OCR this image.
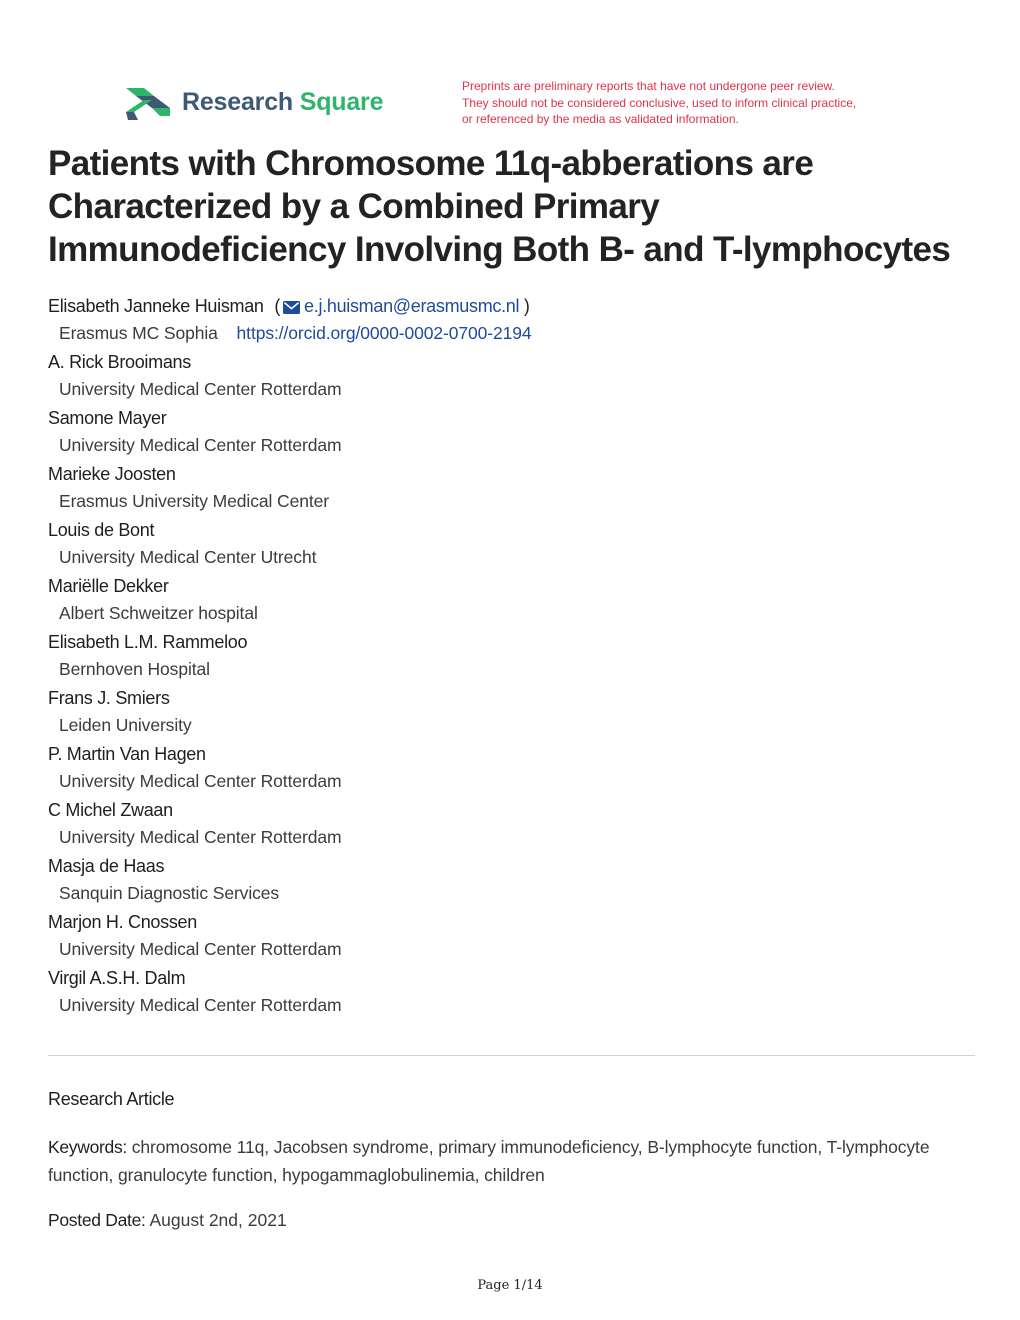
Research Square
Preprints are preliminary reports that have not undergone peer review.
They should not be considered conclusive, used to inform clinical practice,
or referenced by the media as validated information.
Patients with Chromosome 11q-abberations are
Characterized by a Combined Primary
Immunodeficiency Involving Both B- and T-lymphocytes
Elisabeth Janneke Huisman ( e.j.huisman@erasmusmc.nl )
Erasmus MC Sophia https://orcid.org/0000-0002-0700-2194
A. Rick Brooimans
University Medical Center Rotterdam
Samone Mayer
University Medical Center Rotterdam
Marieke Joosten
Erasmus University Medical Center
Louis de Bont
University Medical Center Utrecht
Mariëlle Dekker
Albert Schweitzer hospital
Elisabeth L.M. Rammeloo
Bernhoven Hospital
Frans J. Smiers
Leiden University
P. Martin Van Hagen
University Medical Center Rotterdam
C Michel Zwaan
University Medical Center Rotterdam
Masja de Haas
Sanquin Diagnostic Services
Marjon H. Cnossen
University Medical Center Rotterdam
Virgil A.S.H. Dalm
University Medical Center Rotterdam
Research Article
Keywords: chromosome 11q, Jacobsen syndrome, primary immunodeficiency, B-lymphocyte function, T-lymphocyte function, granulocyte function, hypogammaglobulinemia, children
Posted Date: August 2nd, 2021
Page 1/14
